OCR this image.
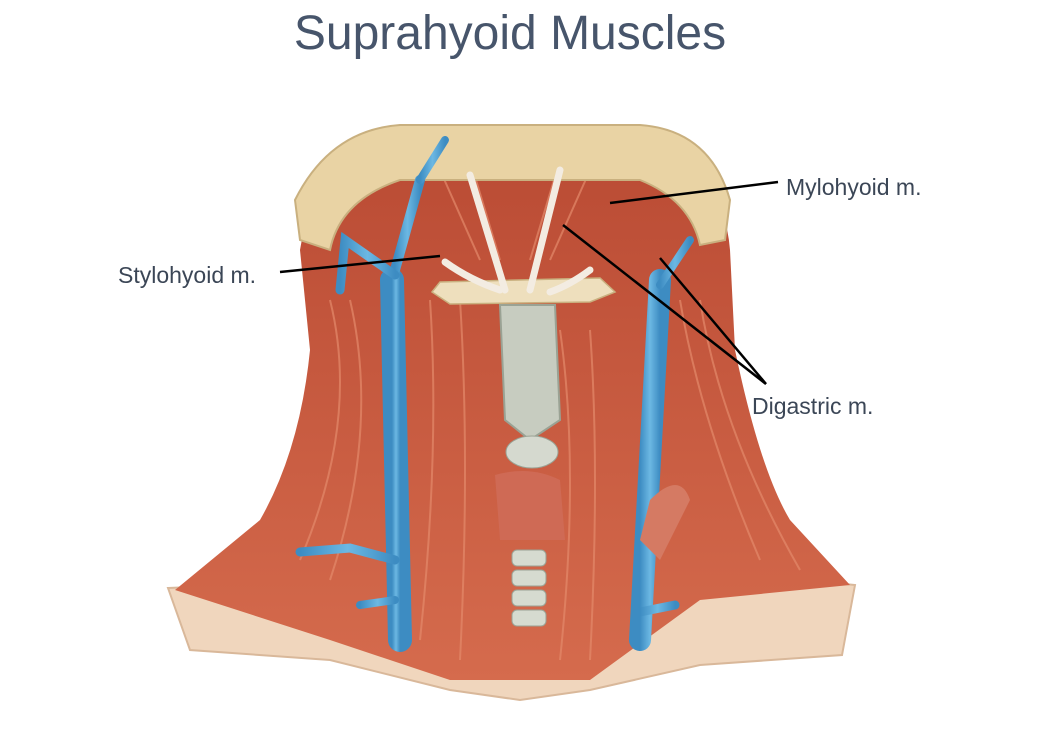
Suprahyoid Muscles
Mylohyoid m.
Stylohyoid m.
Digastric m.
